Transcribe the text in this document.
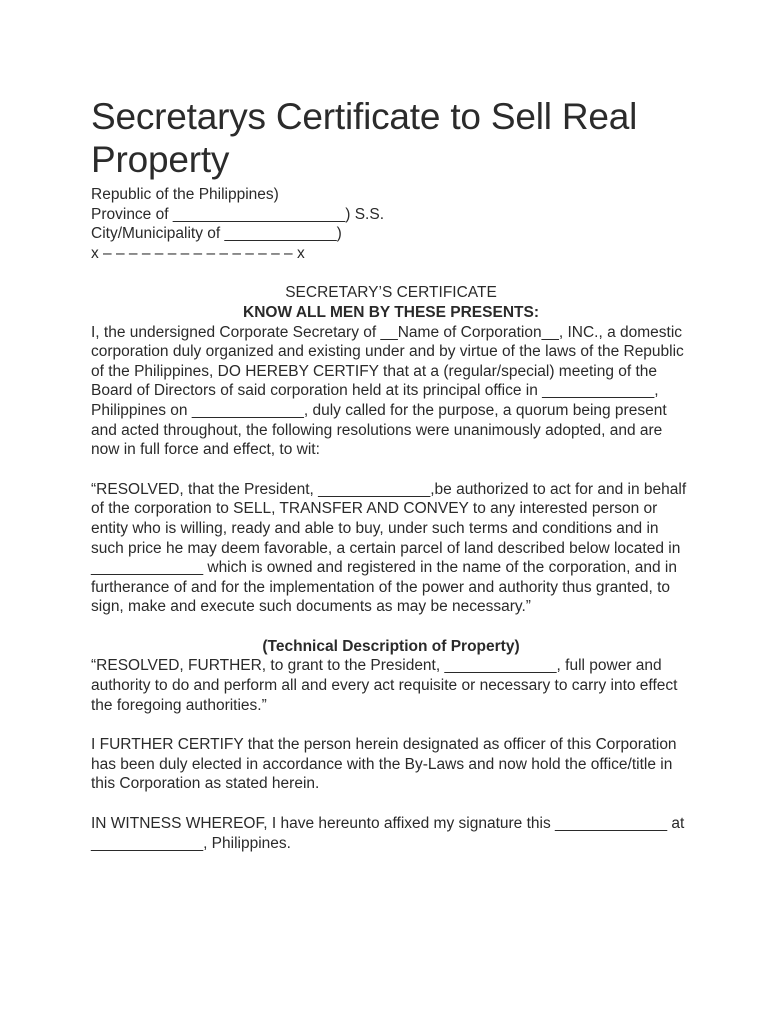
Secretarys Certificate to Sell Real Property

Republic of the Philippines)

Province of ____________________) S.S.

City/Municipality of _____________)

x – – – – – – – – – – – – – – – x

SECRETARY’S CERTIFICATE

KNOW ALL MEN BY THESE PRESENTS:

I, the undersigned Corporate Secretary of __Name of Corporation__, INC., a domestic corporation duly organized and existing under and by virtue of the laws of the Republic of the Philippines, DO HEREBY CERTIFY that at a (regular/special) meeting of the Board of Directors of said corporation held at its principal office in _____________, Philippines on _____________, duly called for the purpose, a quorum being present and acted throughout, the following resolutions were unanimously adopted, and are now in full force and effect, to wit:

“RESOLVED, that the President, _____________,be authorized to act for and in behalf of the corporation to SELL, TRANSFER AND CONVEY to any interested person or entity who is willing, ready and able to buy, under such terms and conditions and in such price he may deem favorable, a certain parcel of land described below located in _____________ which is owned and registered in the name of the corporation, and in furtherance of and for the implementation of the power and authority thus granted, to sign, make and execute such documents as may be necessary.”

(Technical Description of Property)

“RESOLVED, FURTHER, to grant to the President, _____________, full power and authority to do and perform all and every act requisite or necessary to carry into effect the foregoing authorities.”

I FURTHER CERTIFY that the person herein designated as officer of this Corporation has been duly elected in accordance with the By-Laws and now hold the office/title in this Corporation as stated herein.

IN WITNESS WHEREOF, I have hereunto affixed my signature this _____________ at _____________, Philippines.
